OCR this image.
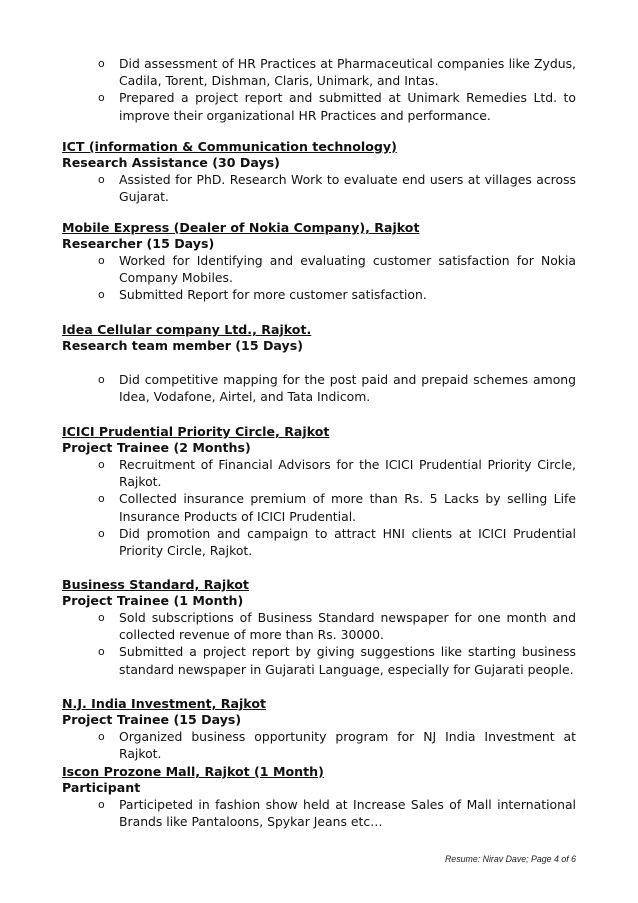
o Did assessment of HR Practices at Pharmaceutical companies like Zydus, Cadila, Torent, Dishman, Claris, Unimark, and Intas.
o Prepared a project report and submitted at Unimark Remedies Ltd. to improve their organizational HR Practices and performance.

ICT (information & Communication technology)

Research Assistance (30 Days)

o Assisted for PhD. Research Work to evaluate end users at villages across Gujarat.

Mobile Express (Dealer of Nokia Company), Rajkot

Researcher (15 Days)

o Worked for Identifying and evaluating customer satisfaction for Nokia Company Mobiles.
o Submitted Report for more customer satisfaction.

Idea Cellular company Ltd., Rajkot.

Research team member (15 Days)

o Did competitive mapping for the post paid and prepaid schemes among Idea, Vodafone, Airtel, and Tata Indicom.

ICICI Prudential Priority Circle, Rajkot

Project Trainee (2 Months)

o Recruitment of Financial Advisors for the ICICI Prudential Priority Circle, Rajkot.
o Collected insurance premium of more than Rs. 5 Lacks by selling Life Insurance Products of ICICI Prudential.
o Did promotion and campaign to attract HNI clients at ICICI Prudential Priority Circle, Rajkot.

Business Standard, Rajkot

Project Trainee (1 Month)

o Sold subscriptions of Business Standard newspaper for one month and collected revenue of more than Rs. 30000.
o Submitted a project report by giving suggestions like starting business standard newspaper in Gujarati Language, especially for Gujarati people.

N.J. India Investment, Rajkot

Project Trainee (15 Days)

o Organized business opportunity program for NJ India Investment at Rajkot.

Iscon Prozone Mall, Rajkot (1 Month)

Participant

o Participeted in fashion show held at Increase Sales of Mall international Brands like Pantaloons, Spykar Jeans etc…
Resume: Nirav Dave; Page 4 of 6
